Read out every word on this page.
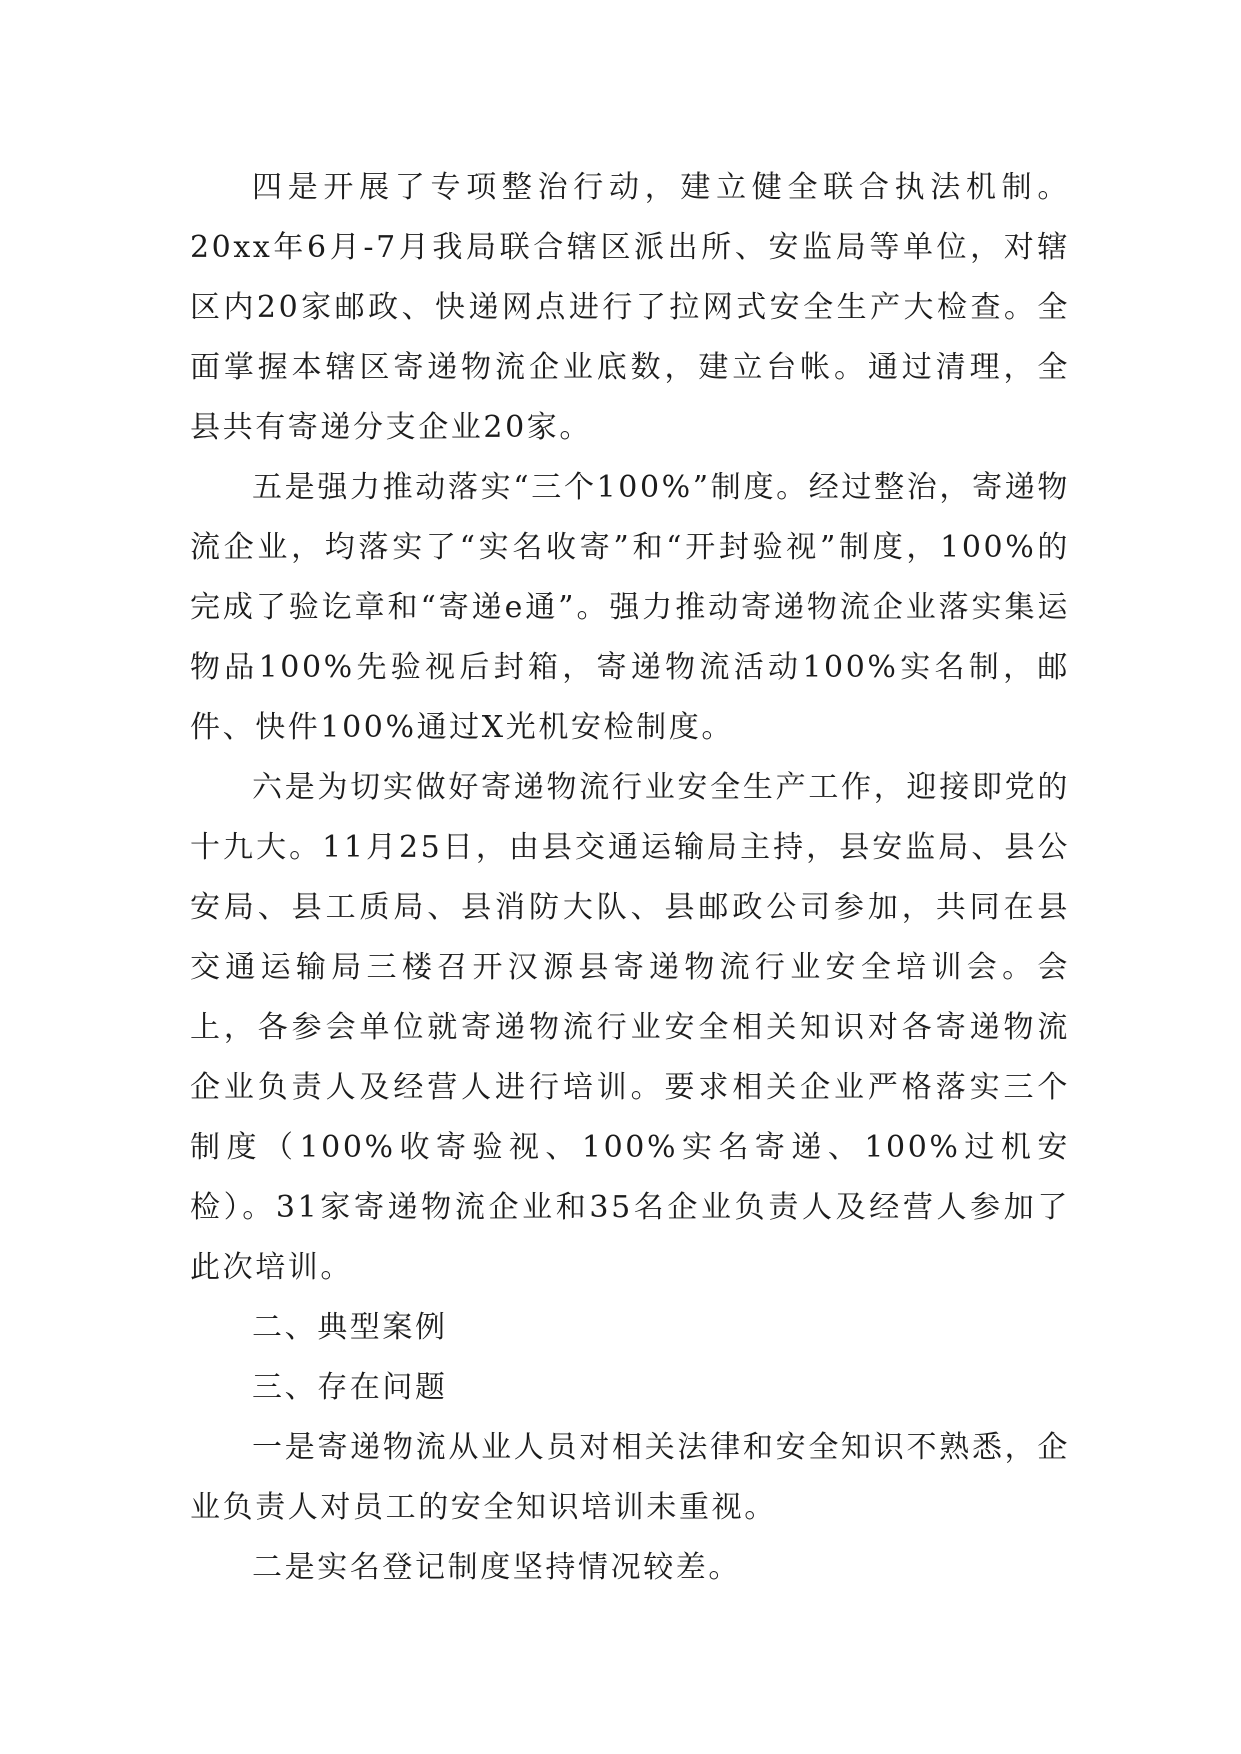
四是开展了专项整治行动，建立健全联合执法机制。20xx年6月-7月我局联合辖区派出所、安监局等单位，对辖区内20家邮政、快递网点进行了拉网式安全生产大检查。全面掌握本辖区寄递物流企业底数，建立台帐。通过清理，全县共有寄递分支企业20家。

五是强力推动落实“三个100%”制度。经过整治，寄递物流企业，均落实了“实名收寄”和“开封验视”制度，100%的完成了验讫章和“寄递e通”。强力推动寄递物流企业落实集运物品100%先验视后封箱，寄递物流活动100%实名制，邮件、快件100%通过X光机安检制度。

六是为切实做好寄递物流行业安全生产工作，迎接即党的十九大。11月25日，由县交通运输局主持，县安监局、县公安局、县工质局、县消防大队、县邮政公司参加，共同在县交通运输局三楼召开汉源县寄递物流行业安全培训会。会上，各参会单位就寄递物流行业安全相关知识对各寄递物流企业负责人及经营人进行培训。要求相关企业严格落实三个制度（100%收寄验视、100%实名寄递、100%过机安检）。31家寄递物流企业和35名企业负责人及经营人参加了此次培训。

二、典型案例

三、存在问题

一是寄递物流从业人员对相关法律和安全知识不熟悉，企业负责人对员工的安全知识培训未重视。

二是实名登记制度坚持情况较差。
